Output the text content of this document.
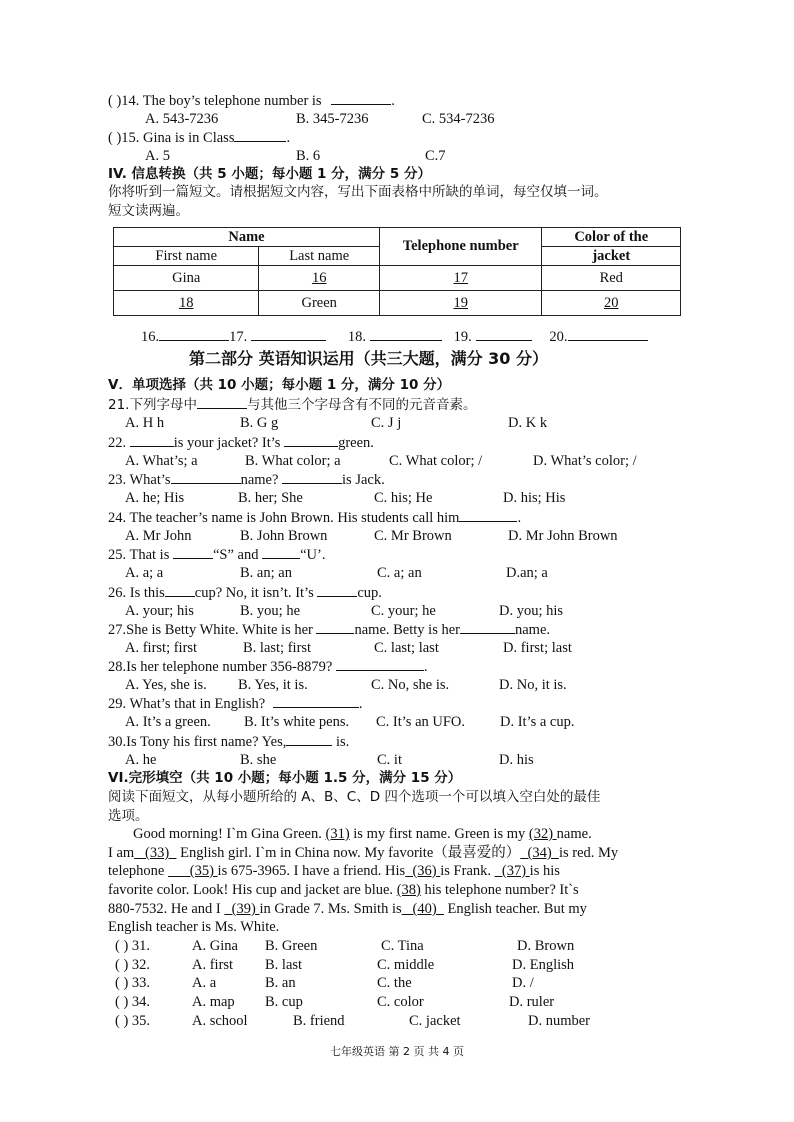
( )14. The boy’s telephone number is	.
A. 543-7236	B. 345-7236	C. 534-7236
( )15. Gina is in Class	.
A. 5	B. 6	C.7
IV. 信息转换（共 5 小题；每小题 1 分，满分 5 分）
你将听到一篇短文。请根据短文内容，写出下面表格中所缺的单词，每空仅填一词。
短文读两遍。
Name		Telephone number	Color of the
First name	Last name		jacket
Gina	16	17	Red
18	Green	19	20
16.	17.	18.	19.	20.
第二部分 英语知识运用（共三大题，满分 30 分）
V．单项选择（共 10 小题；每小题 1 分，满分 10 分）
21.下列字母中	与其他三个字母含有不同的元音音素。
A. H h	B. G g	C. J j	D. K k
22.	is your jacket? It’s	green.
A. What’s; a	B. What color; a	C. What color; /	D. What’s color; /
23. What’s	name?	is Jack.
A. he; His	B. her; She	C. his; He	D. his; His
24. The teacher’s name is John Brown. His students call him	.
A. Mr John	B. John Brown	C. Mr Brown	D. Mr John Brown
25. That is	“S” and	“U’.
A. a; a	B. an; an	C. a; an	D.an; a
26. Is this cup? No, it isn’t. It’s	cup.
A. your; his	B. you; he	C. your; he	D. you; his
27.She is Betty White. White is her	name. Betty is her	name.
A. first; first	B. last; first	C. last; last	D. first; last
28.Is her telephone number 356-8879?	.
A. Yes, she is. B. Yes, it is.	C. No, she is.	D. No, it is.
29. What’s that in English?	.
A. It’s a green. B. It’s white pens. C. It’s an UFO. D. It’s a cup.
30.Is Tony his first name? Yes,	is.
A. he	B. she	C. it	D. his
VI.完形填空（共 10 小题；每小题 1.5 分，满分 15 分）
阅读下面短文，从每小题所给的 A、B、C、D 四个选项一个可以填入空白处的最佳
选项。
Good morning! I`m Gina Green. (31) is my first name. Green is my (32) name.
I am   (33)   English girl. I`m in China now. My favorite（最喜爱的）  (34)  is red. My
telephone       (35) is 675-3965. I have a friend. His  (36) is Frank.   (37) is his
favorite color. Look! His cup and jacket are blue. (38) his telephone number? It`s
880-7532. He and I   (39) in Grade 7. Ms. Smith is   (40)   English teacher. But my
English teacher is Ms. White.
( ) 31.	A. Gina B. Green	C. Tina	D. Brown
( ) 32.	A. first B. last	C. middle	D. English
( ) 33.	A. a	B. an	C. the	D. /
( ) 34.	A. map B. cup	C. color	D. ruler
( ) 35.	A. school	B. friend	C. jacket	D. number
七年级英语 第 2 页 共 4 页
